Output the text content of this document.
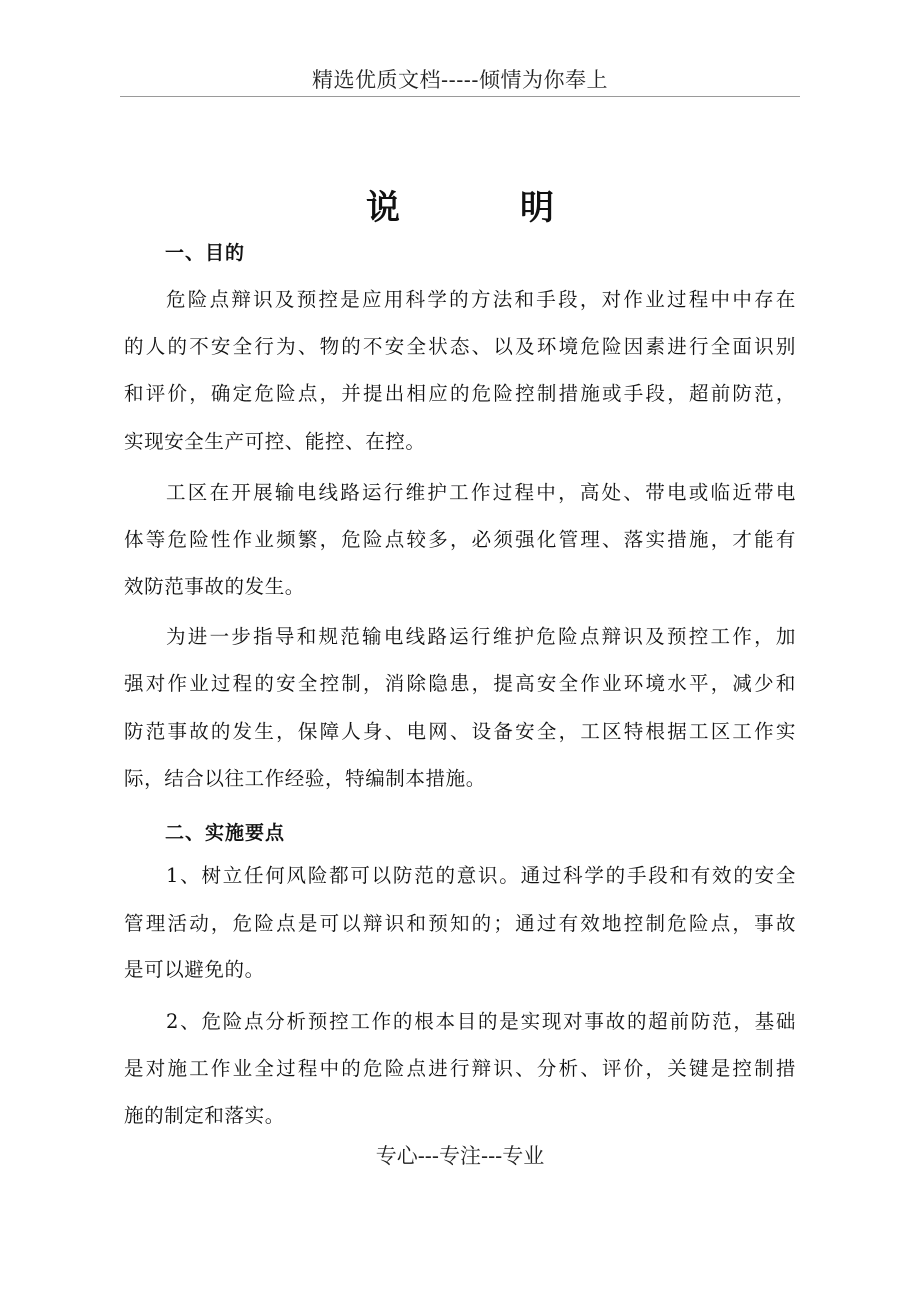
精选优质文档-----倾情为你奉上
说	明
一、目的
危险点辩识及预控是应用科学的方法和手段，对作业过程中中存在
的人的不安全行为、物的不安全状态、以及环境危险因素进行全面识别
和评价，确定危险点，并提出相应的危险控制措施或手段，超前防范，
实现安全生产可控、能控、在控。
工区在开展输电线路运行维护工作过程中，高处、带电或临近带电
体等危险性作业频繁，危险点较多，必须强化管理、落实措施，才能有
效防范事故的发生。
为进一步指导和规范输电线路运行维护危险点辩识及预控工作，加
强对作业过程的安全控制，消除隐患，提高安全作业环境水平，减少和
防范事故的发生，保障人身、电网、设备安全，工区特根据工区工作实
际，结合以往工作经验，特编制本措施。
二、实施要点
1、树立任何风险都可以防范的意识。通过科学的手段和有效的安全
管理活动，危险点是可以辩识和预知的；通过有效地控制危险点，事故
是可以避免的。
2、危险点分析预控工作的根本目的是实现对事故的超前防范，基础
是对施工作业全过程中的危险点进行辩识、分析、评价，关键是控制措
施的制定和落实。
专心---专注---专业
